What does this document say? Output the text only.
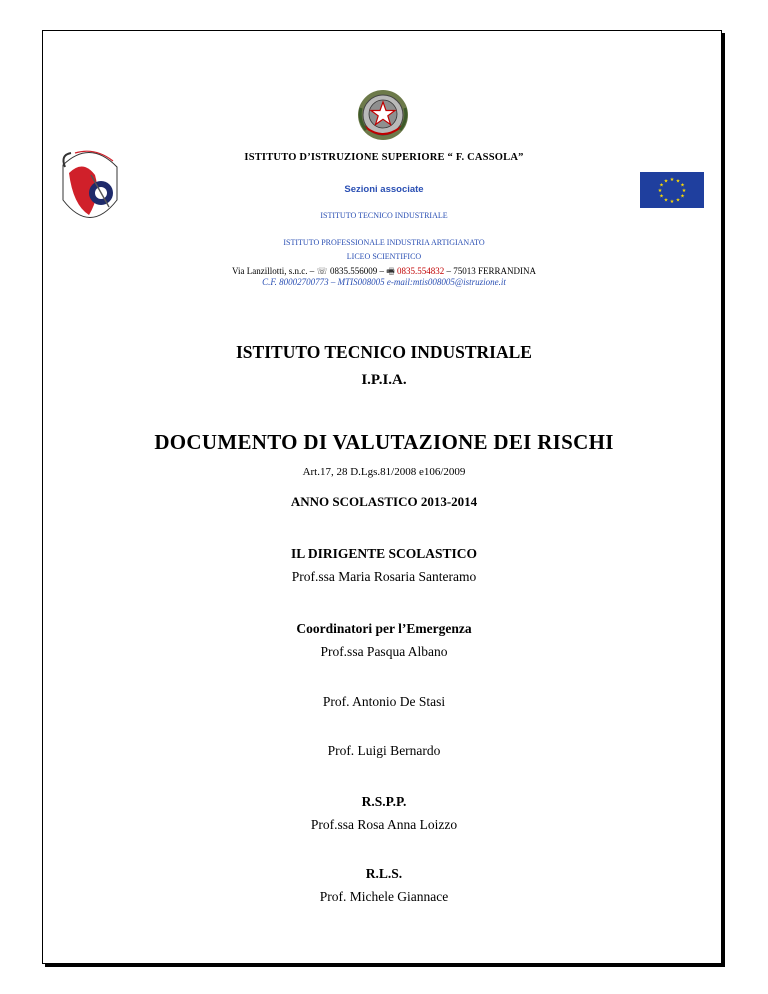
★ ★
★
★
★
★
★
★
★
★
★
★
ISTITUTO D’ISTRUZIONE SUPERIORE “ F. CASSOLA”
Sezioni associate
ISTITUTO TECNICO INDUSTRIALE
ISTITUTO PROFESSIONALE INDUSTRIA ARTIGIANATO
LICEO SCIENTIFICO
Via Lanzillotti, s.n.c. – ☏ 0835.556009 – 🖷 0835.554832 – 75013 FERRANDINA
C.F. 80002700773 – MTIS008005 e-mail:mtis008005@istruzione.it
ISTITUTO TECNICO INDUSTRIALE
I.P.I.A.
DOCUMENTO DI VALUTAZIONE DEI RISCHI
Art.17, 28 D.Lgs.81/2008 e106/2009
ANNO SCOLASTICO 2013-2014
IL DIRIGENTE SCOLASTICO
Prof.ssa Maria Rosaria Santeramo
Coordinatori per l’Emergenza
Prof.ssa Pasqua Albano
Prof. Antonio De Stasi
Prof. Luigi Bernardo
R.S.P.P.
Prof.ssa Rosa Anna Loizzo
R.L.S.
Prof. Michele Giannace
